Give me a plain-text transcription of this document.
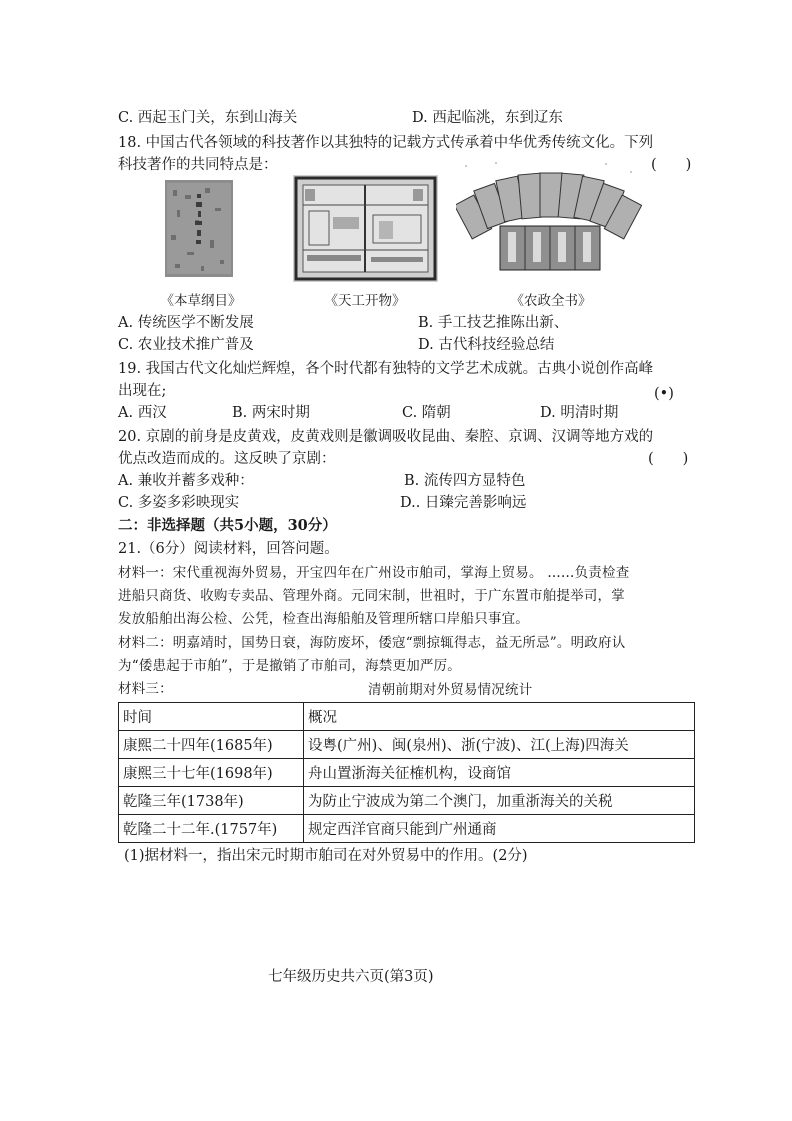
C. 西起玉门关，东到山海关	D. 西起临洮，东到辽东
18. 中国古代各领域的科技著作以其独特的记载方式传承着中华优秀传统文化。下列
科技著作的共同特点是：	(　　)
《本草纲目》	《天工开物》	《农政全书》
A. 传统医学不断发展	B. 手工技艺推陈出新、
C. 农业技术推广普及	D. 古代科技经验总结
19. 我国古代文化灿烂辉煌，各个时代都有独特的文学艺术成就。古典小说创作高峰
出现在;	(•)
A. 西汉	B. 两宋时期	C. 隋朝	D. 明清时期
20. 京剧的前身是皮黄戏，皮黄戏则是徽调吸收昆曲、秦腔、京调、汉调等地方戏的
优点改造而成的。这反映了京剧：	(　　)
A. 兼收并蓄多戏种：	B. 流传四方显特色
C. 多姿多彩映现实	D.. 日臻完善影响远
二：非选择题（共5小题，30分）
21.（6分）阅读材料，回答问题。
材料一：宋代重视海外贸易，开宝四年在广州设市舶司，掌海上贸易。 ……负责检查
进船只商货、收购专卖品、管理外商。元同宋制，世祖时，于广东置市舶提举司，掌
发放船舶出海公检、公凭，检查出海船舶及管理所辖口岸船只事宜。
材料二：明嘉靖时，国势日衰，海防废坏，倭寇“剽掠辄得志，益无所忌”。明政府认
为“倭患起于市舶”，于是撤销了市舶司，海禁更加严厉。
材料三：	清朝前期对外贸易情况统计
时间	概况
康熙二十四年(1685年)	设粤(广州)、闽(泉州)、浙(宁波)、江(上海)四海关
康熙三十七年(1698年)	舟山置浙海关征榷机构，设商馆
乾隆三年(1738年)	为防止宁波成为第二个澳门，加重浙海关的关税
乾隆二十二年.(1757年)	规定西洋官商只能到广州通商
(1)据材料一，指出宋元时期市舶司在对外贸易中的作用。(2分)
七年级历史共六页(第3页)
